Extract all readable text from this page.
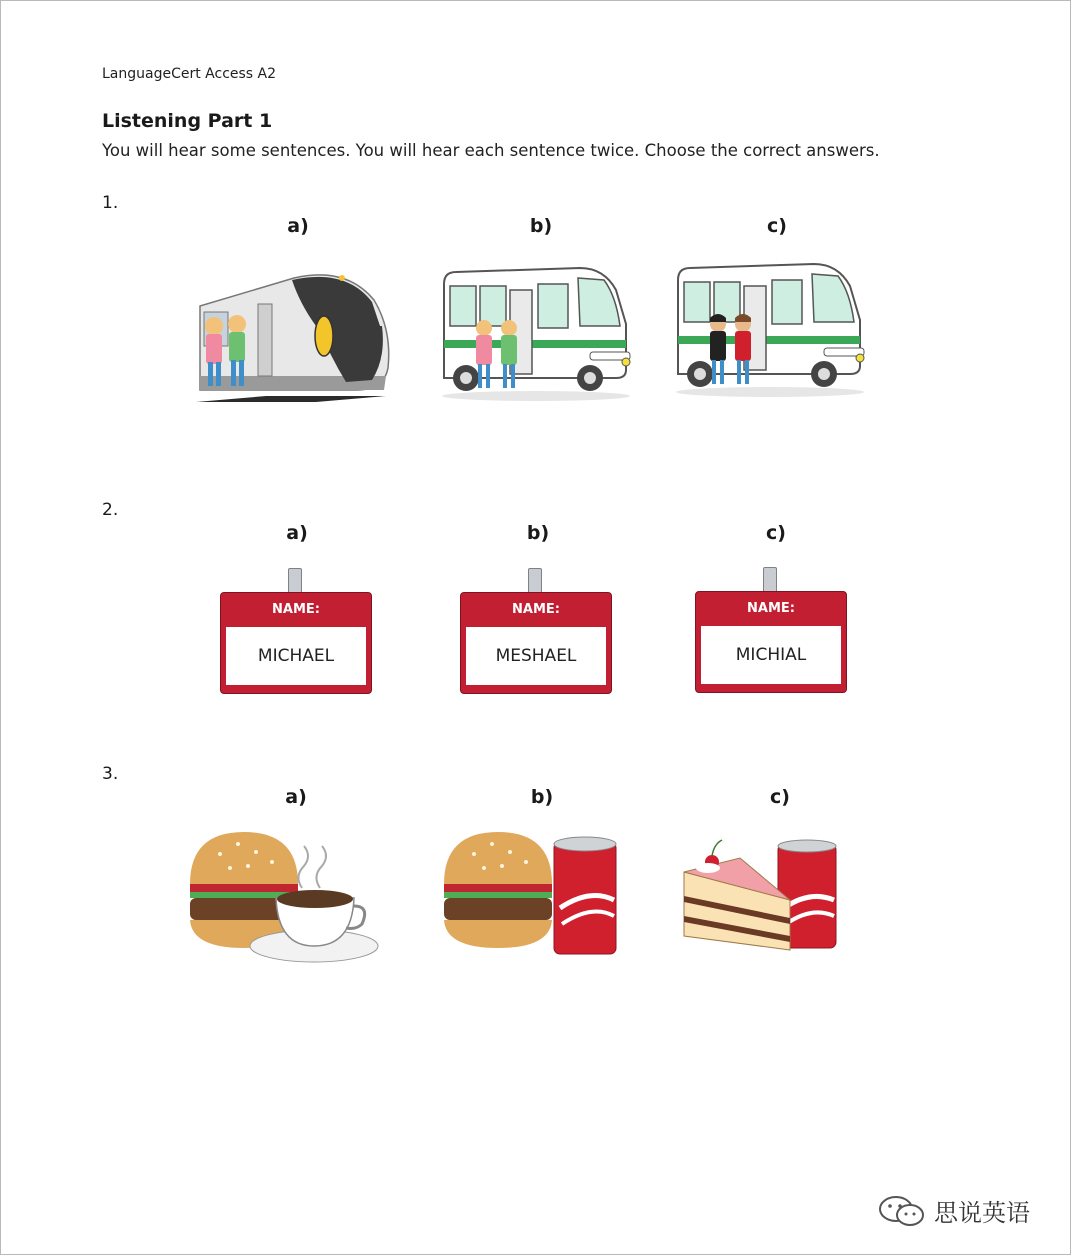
LanguageCert Access A2
Listening Part 1
You will hear some sentences. You will hear each sentence twice. Choose the correct answers.
1.
a)	b)	c)
2.
a)	b)	c)
NAME:
MICHAEL
NAME:
MESHAEL
NAME:
MICHIAL
3.
a)	b)	c)
思说英语
